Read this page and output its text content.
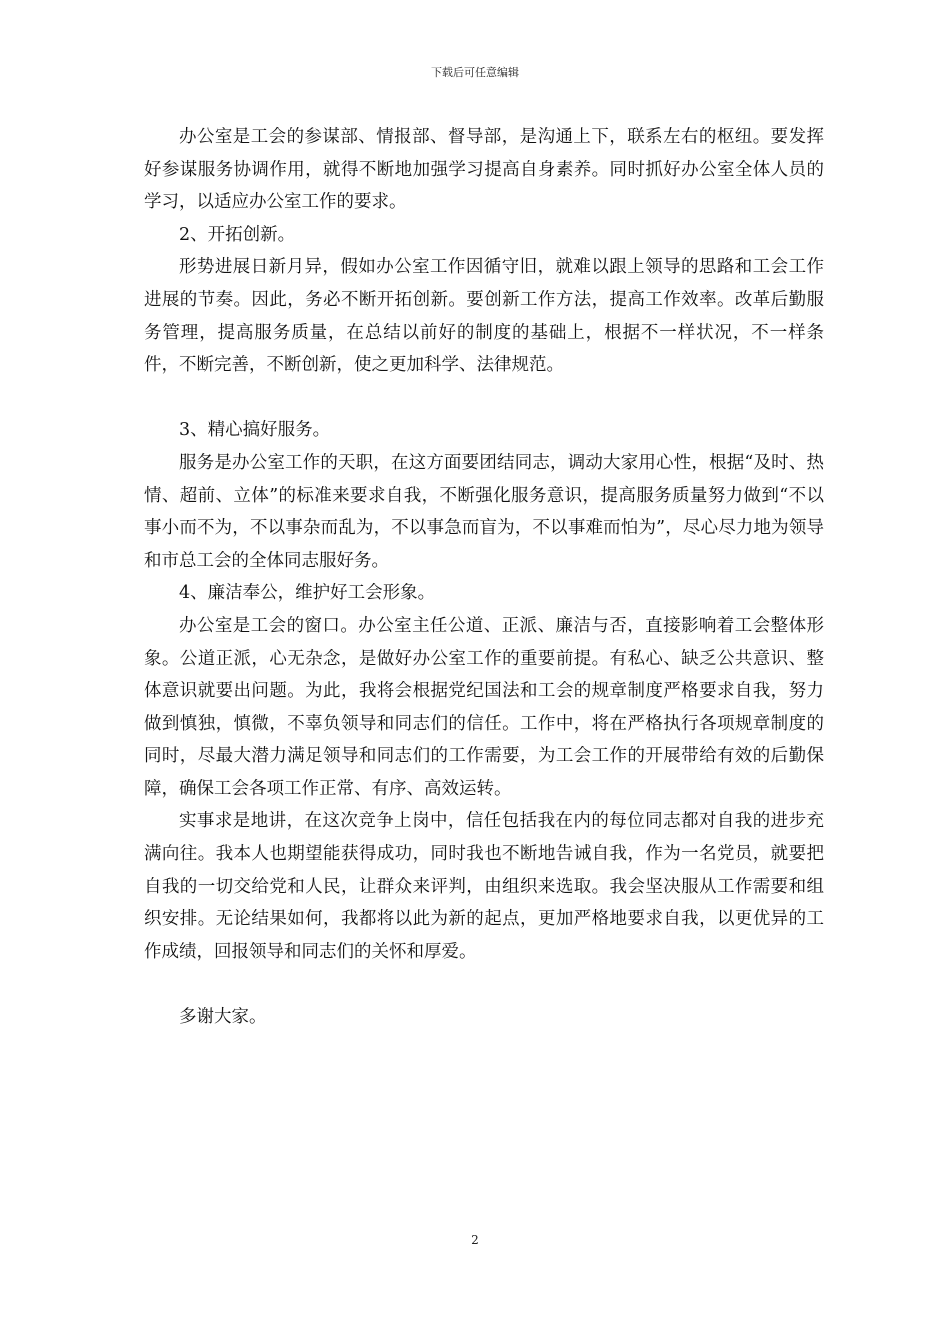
下载后可任意编辑

办公室是工会的参谋部、情报部、督导部，是沟通上下，联系左右的枢纽。要发挥好参谋服务协调作用，就得不断地加强学习提高自身素养。同时抓好办公室全体人员的学习，以适应办公室工作的要求。

2、开拓创新。

形势进展日新月异，假如办公室工作因循守旧，就难以跟上领导的思路和工会工作进展的节奏。因此，务必不断开拓创新。要创新工作方法，提高工作效率。改革后勤服务管理，提高服务质量，在总结以前好的制度的基础上，根据不一样状况，不一样条件，不断完善，不断创新，使之更加科学、法律规范。

3、精心搞好服务。

服务是办公室工作的天职，在这方面要团结同志，调动大家用心性，根据“及时、热情、超前、立体”的标准来要求自我，不断强化服务意识，提高服务质量努力做到“不以事小而不为，不以事杂而乱为，不以事急而盲为，不以事难而怕为”，尽心尽力地为领导和市总工会的全体同志服好务。

4、廉洁奉公，维护好工会形象。

办公室是工会的窗口。办公室主任公道、正派、廉洁与否，直接影响着工会整体形象。公道正派，心无杂念，是做好办公室工作的重要前提。有私心、缺乏公共意识、整体意识就要出问题。为此，我将会根据党纪国法和工会的规章制度严格要求自我，努力做到慎独，慎微，不辜负领导和同志们的信任。工作中，将在严格执行各项规章制度的同时，尽最大潜力满足领导和同志们的工作需要，为工会工作的开展带给有效的后勤保障，确保工会各项工作正常、有序、高效运转。

实事求是地讲，在这次竞争上岗中，信任包括我在内的每位同志都对自我的进步充满向往。我本人也期望能获得成功，同时我也不断地告诫自我，作为一名党员，就要把自我的一切交给党和人民，让群众来评判，由组织来选取。我会坚决服从工作需要和组织安排。无论结果如何，我都将以此为新的起点，更加严格地要求自我，以更优异的工作成绩，回报领导和同志们的关怀和厚爱。

多谢大家。

2
